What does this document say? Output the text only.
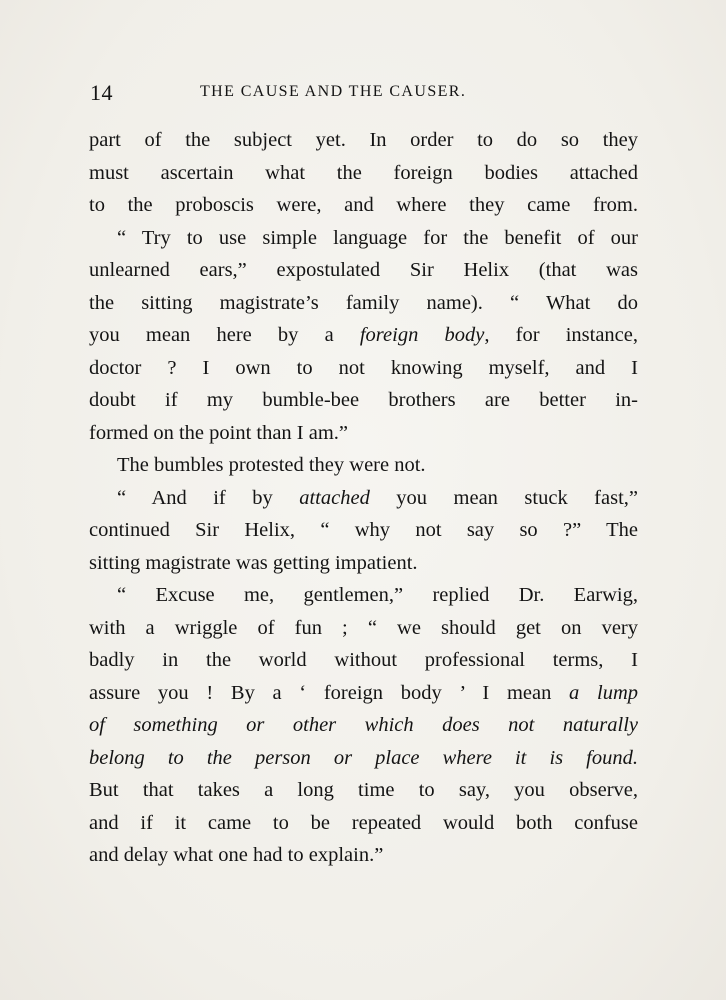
14	THE CAUSE AND THE CAUSER.
part of the subject yet. In order to do so they
must ascertain what the foreign bodies attached
to the proboscis were, and where they came from.
“ Try to use simple language for the benefit of our
unlearned ears,” expostulated Sir Helix (that was
the sitting magistrate’s family name). “ What do
you mean here by a foreign body, for instance,
doctor ? I own to not knowing myself, and I
doubt if my bumble-bee brothers are better in-
formed on the point than I am.”
The bumbles protested they were not.
“ And if by attached you mean stuck fast,”
continued Sir Helix, “ why not say so ?” The
sitting magistrate was getting impatient.
“ Excuse me, gentlemen,” replied Dr. Earwig,
with a wriggle of fun ; “ we should get on very
badly in the world without professional terms, I
assure you ! By a ‘ foreign body ’ I mean a lump
of something or other which does not naturally
belong to the person or place where it is found.
But that takes a long time to say, you observe,
and if it came to be repeated would both confuse
and delay what one had to explain.”
